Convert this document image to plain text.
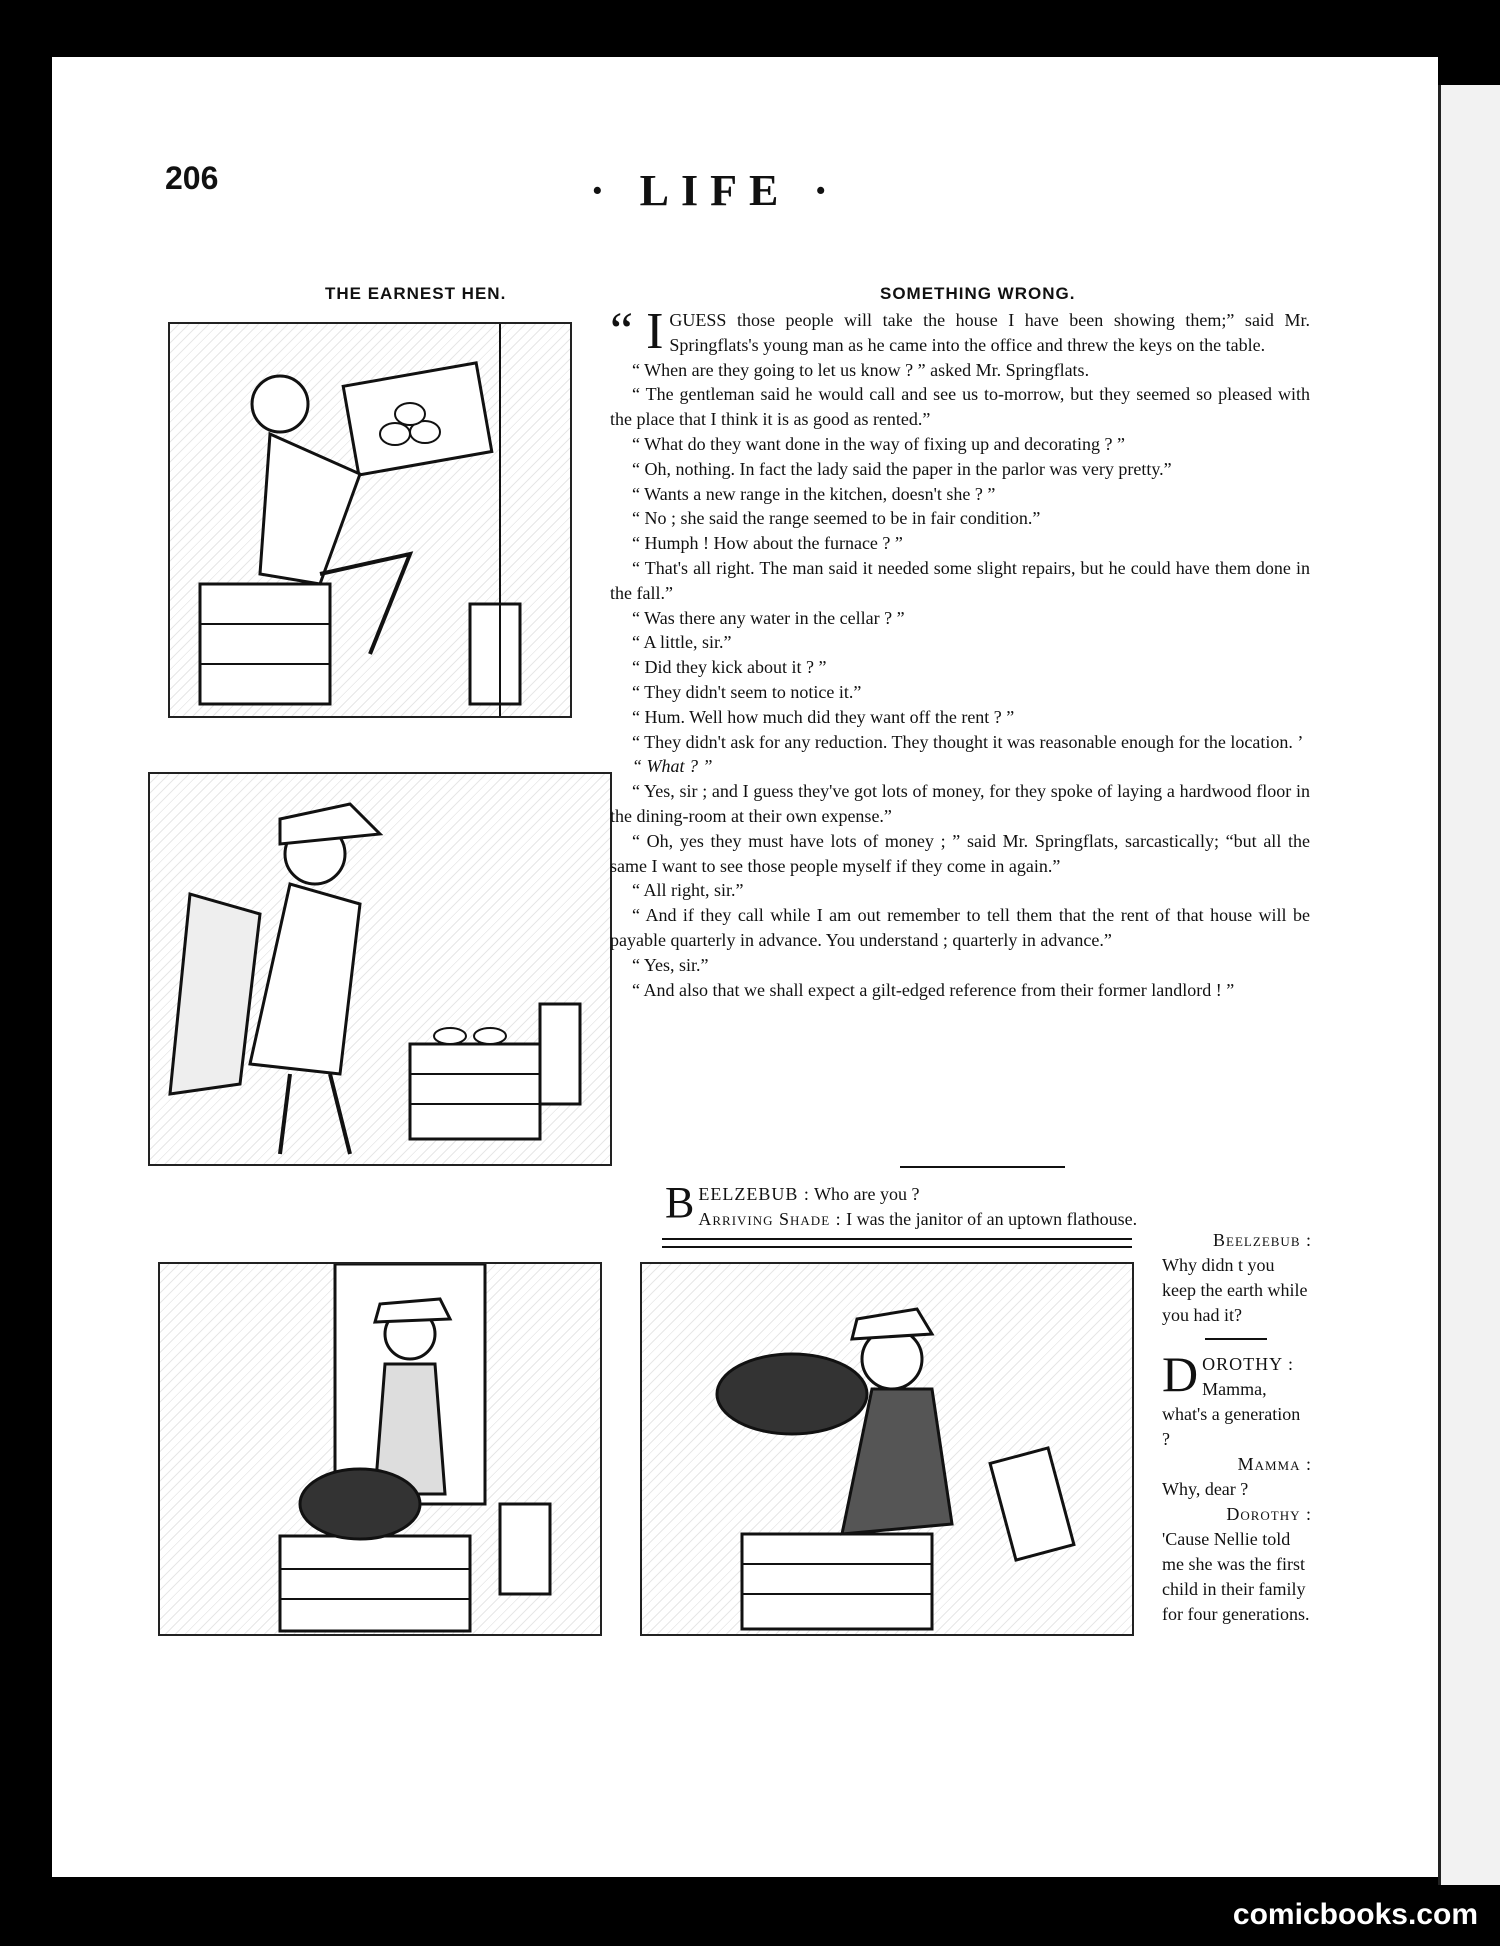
206	· LIFE ·
THE EARNEST HEN.	SOMETHING WRONG.

“ I GUESS those people will take the house I have been showing them;” said Mr. Springflats's young man as he came into the office and threw the keys on the table.

“ When are they going to let us know ? ” asked Mr. Springflats.

“ The gentleman said he would call and see us to-morrow, but they seemed so pleased with the place that I think it is as good as rented.”

“ What do they want done in the way of fixing up and decorating ? ”

“ Oh, nothing. In fact the lady said the paper in the parlor was very pretty.”

“ Wants a new range in the kitchen, doesn't she ? ”

“ No ; she said the range seemed to be in fair condition.”

“ Humph ! How about the furnace ? ”

“ That's all right. The man said it needed some slight repairs, but he could have them done in the fall.”

“ Was there any water in the cellar ? ”

“ A little, sir.”

“ Did they kick about it ? ”

“ They didn't seem to notice it.”

“ Hum. Well how much did they want off the rent ? ”

“ They didn't ask for any reduction. They thought it was reasonable enough for the location. ’

“ What ? ”

“ Yes, sir ; and I guess they've got lots of money, for they spoke of laying a hardwood floor in the dining-room at their own expense.”

“ Oh, yes they must have lots of money ; ” said Mr. Springflats, sarcastically; “but all the same I want to see those people myself if they come in again.”

“ All right, sir.”

“ And if they call while I am out remember to tell them that the rent of that house will be payable quarterly in advance. You understand ; quarterly in advance.”

“ Yes, sir.”

“ And also that we shall expect a gilt-edged reference from their former landlord ! ”

B EELZEBUB : Who are you ?
Arriving Shade : I was the janitor of an uptown flathouse.
Beelzebub :
Why didn t you keep the earth while you had it?
D OROTHY : Mamma, what's a generation ?
Mamma :
Why, dear ?
Dorothy :
'Cause Nellie told me she was the first child in their family for four generations.
comicbooks.com
